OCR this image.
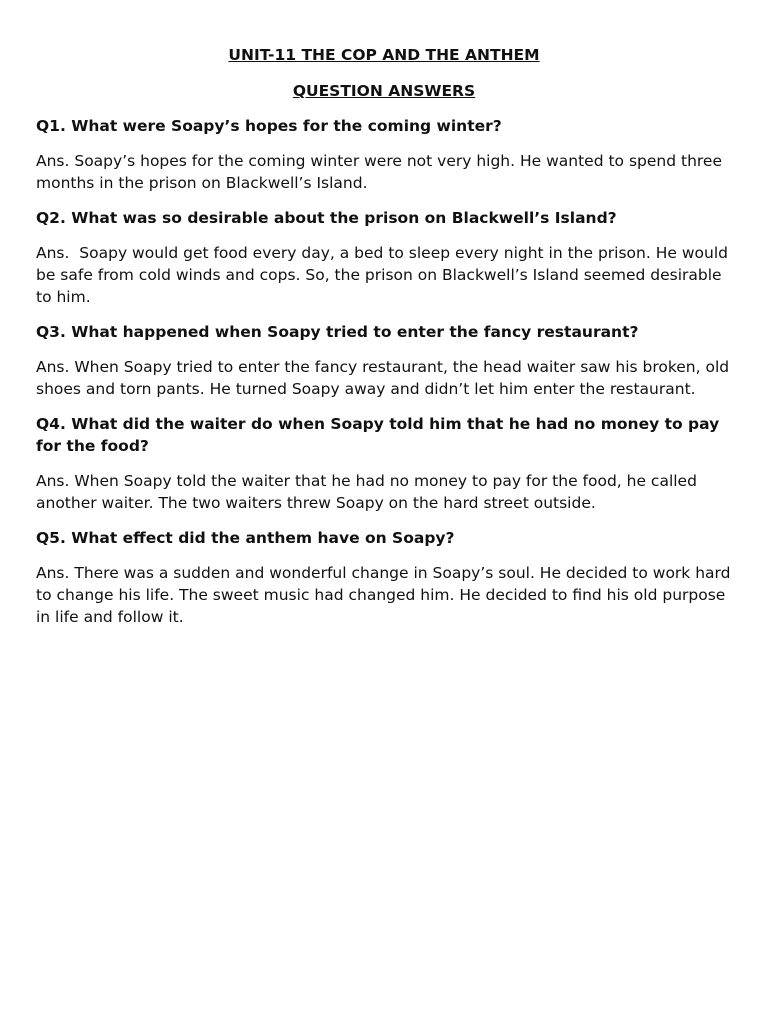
UNIT-11 THE COP AND THE ANTHEM
QUESTION ANSWERS

Q1. What were Soapy’s hopes for the coming winter?

Ans. Soapy’s hopes for the coming winter were not very high. He wanted to spend three months in the prison on Blackwell’s Island.

Q2. What was so desirable about the prison on Blackwell’s Island?

Ans.  Soapy would get food every day, a bed to sleep every night in the prison. He would be safe from cold winds and cops. So, the prison on Blackwell’s Island seemed desirable to him.

Q3. What happened when Soapy tried to enter the fancy restaurant?

Ans. When Soapy tried to enter the fancy restaurant, the head waiter saw his broken, old shoes and torn pants. He turned Soapy away and didn’t let him enter the restaurant.

Q4. What did the waiter do when Soapy told him that he had no money to pay for the food?

Ans. When Soapy told the waiter that he had no money to pay for the food, he called another waiter. The two waiters threw Soapy on the hard street outside.

Q5. What effect did the anthem have on Soapy?

Ans. There was a sudden and wonderful change in Soapy’s soul. He decided to work hard to change his life. The sweet music had changed him. He decided to find his old purpose in life and follow it.
